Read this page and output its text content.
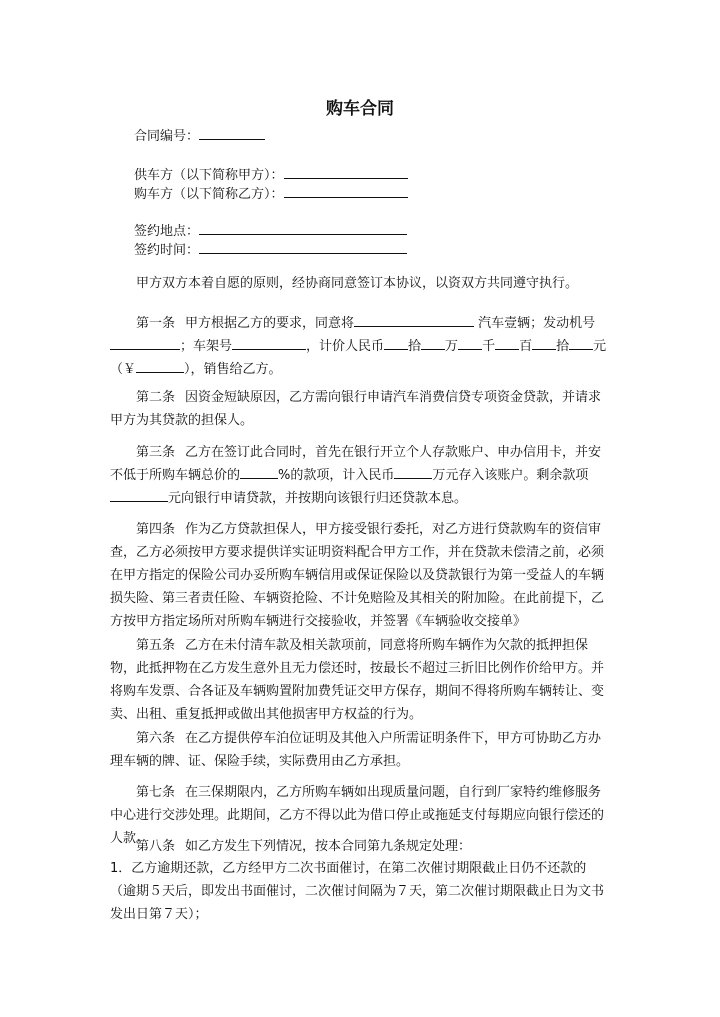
购车合同
合同编号：
供车方（以下简称甲方）：
购车方（以下简称乙方）：
签约地点：
签约时间：
甲方双方本着自愿的原则，经协商同意签订本协议，以资双方共同遵守执行。
第一条 甲方根据乙方的要求，同意将	汽车壹辆；发动机号
；车架号	，计价人民币 拾 万 千 百 拾 元
（￥	），销售给乙方。
第二条 因资金短缺原因，乙方需向银行申请汽车消费信贷专项资金贷款，并请求甲方为其贷款的担保人。
第三条 乙方在签订此合同时，首先在银行开立个人存款账户、申办信用卡，并安不低于所购车辆总价的	%的款项，计入民币	万元存入该账户。剩余款项元向银行申请贷款，并按期向该银行归还贷款本息。
第四条 作为乙方贷款担保人，甲方接受银行委托，对乙方进行贷款购车的资信审查，乙方必须按甲方要求提供详实证明资料配合甲方工作，并在贷款未偿清之前，必须在甲方指定的保险公司办妥所购车辆信用或保证保险以及贷款银行为第一受益人的车辆损失险、第三者责任险、车辆资抢险、不计免赔险及其相关的附加险。在此前提下，乙方按甲方指定场所对所购车辆进行交接验收，并签署《车辆验收交接单》
第五条 乙方在未付清车款及相关款项前，同意将所购车辆作为欠款的抵押担保物，此抵押物在乙方发生意外且无力偿还时，按最长不超过三折旧比例作价给甲方。并将购车发票、合各证及车辆购置附加费凭证交甲方保存，期间不得将所购车辆转让、变卖、出租、重复抵押或做出其他损害甲方权益的行为。
第六条 在乙方提供停车泊位证明及其他入户所需证明条件下，甲方可协助乙方办理车辆的牌、证、保险手续，实际费用由乙方承担。
第七条 在三保期限内，乙方所购车辆如出现质量问题，自行到厂家特约维修服务中心进行交涉处理。此期间，乙方不得以此为借口停止或拖延支付每期应向银行偿还的人款。
第八条 如乙方发生下列情况，按本合同第九条规定处理：
1．乙方逾期还款，乙方经甲方二次书面催讨，在第二次催讨期限截止日仍不还款的（逾期５天后，即发出书面催讨，二次催讨间隔为７天，第二次催讨期限截止日为文书发出日第７天）；
